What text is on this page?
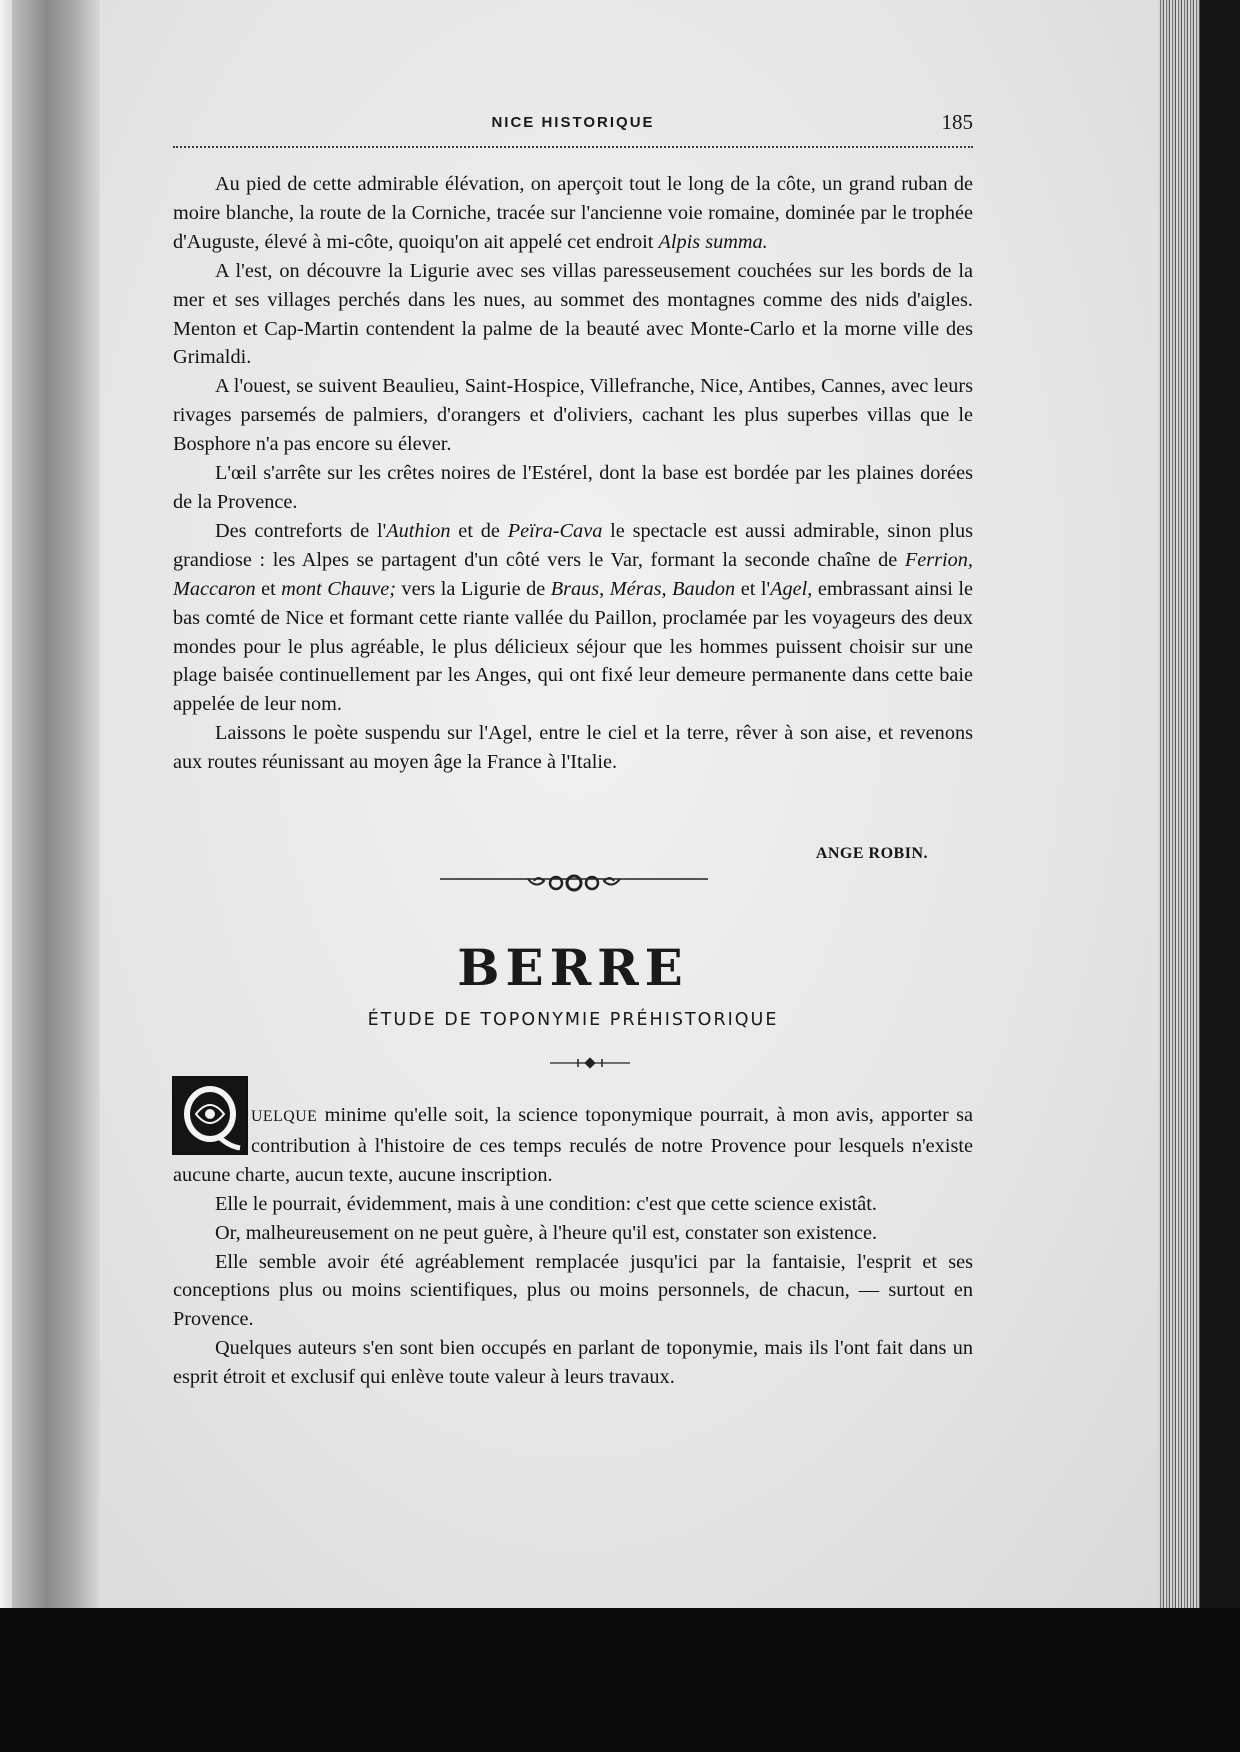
NICE HISTORIQUE	185

Au pied de cette admirable élévation, on aperçoit tout le long de la côte, un grand ruban de moire blanche, la route de la Corniche, tracée sur l'ancienne voie romaine, dominée par le trophée d'Auguste, élevé à mi-côte, quoiqu'on ait appelé cet endroit Alpis summa.

A l'est, on découvre la Ligurie avec ses villas paresseusement couchées sur les bords de la mer et ses villages perchés dans les nues, au sommet des montagnes comme des nids d'aigles. Menton et Cap-Martin contendent la palme de la beauté avec Monte-Carlo et la morne ville des Grimaldi.

A l'ouest, se suivent Beaulieu, Saint-Hospice, Villefranche, Nice, Antibes, Cannes, avec leurs rivages parsemés de palmiers, d'orangers et d'oliviers, cachant les plus superbes villas que le Bosphore n'a pas encore su élever.

L'œil s'arrête sur les crêtes noires de l'Estérel, dont la base est bordée par les plaines dorées de la Provence.

Des contreforts de l'Authion et de Peïra-Cava le spectacle est aussi admirable, sinon plus grandiose : les Alpes se partagent d'un côté vers le Var, formant la seconde chaîne de Ferrion, Maccaron et mont Chauve; vers la Ligurie de Braus, Méras, Baudon et l'Agel, embrassant ainsi le bas comté de Nice et formant cette riante vallée du Paillon, proclamée par les voyageurs des deux mondes pour le plus agréable, le plus délicieux séjour que les hommes puissent choisir sur une plage baisée continuellement par les Anges, qui ont fixé leur demeure permanente dans cette baie appelée de leur nom.

Laissons le poète suspendu sur l'Agel, entre le ciel et la terre, rêver à son aise, et revenons aux routes réunissant au moyen âge la France à l'Italie.

ANGE ROBIN.
BERRE
ÉTUDE DE TOPONYMIE PRÉHISTORIQUE

UELQUE minime qu'elle soit, la science toponymique pourrait, à mon avis, apporter sa contribution à l'histoire de ces temps reculés de notre Provence pour lesquels n'existe aucune charte, aucun texte, aucune inscription.

Elle le pourrait, évidemment, mais à une condition: c'est que cette science existât.

Or, malheureusement on ne peut guère, à l'heure qu'il est, constater son existence.

Elle semble avoir été agréablement remplacée jusqu'ici par la fantaisie, l'esprit et ses conceptions plus ou moins scientifiques, plus ou moins personnels, de chacun, — surtout en Provence.

Quelques auteurs s'en sont bien occupés en parlant de toponymie, mais ils l'ont fait dans un esprit étroit et exclusif qui enlève toute valeur à leurs travaux.
